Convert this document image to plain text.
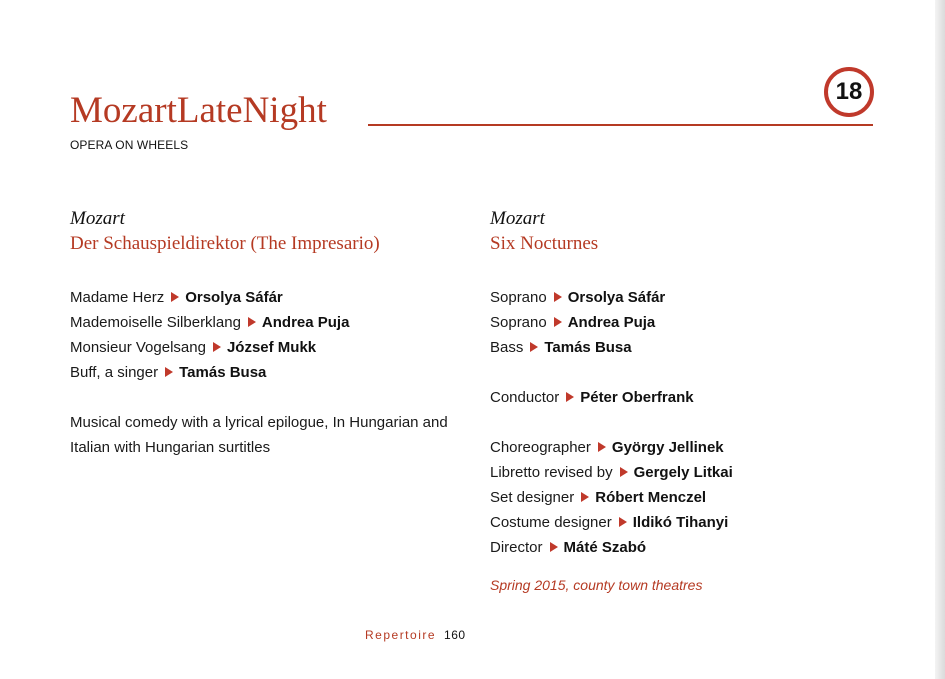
MozartLateNight	18
OPERA ON WHEELS
Mozart
Der Schauspieldirektor (The Impresario)
Madame Herz Orsolya Sáfár
Mademoiselle Silberklang Andrea Puja
Monsieur Vogelsang József Mukk
Buff, a singer Tamás Busa
Musical comedy with a lyrical epilogue, In Hungarian and Italian with Hungarian surtitles
Mozart
Six Nocturnes
Soprano Orsolya Sáfár
Soprano Andrea Puja
Bass Tamás Busa
Conductor Péter Oberfrank
Choreographer György Jellinek
Libretto revised by Gergely Litkai
Set designer Róbert Menczel
Costume designer Ildikó Tihanyi
Director Máté Szabó
Spring 2015, county town theatres
Repertoire 160
